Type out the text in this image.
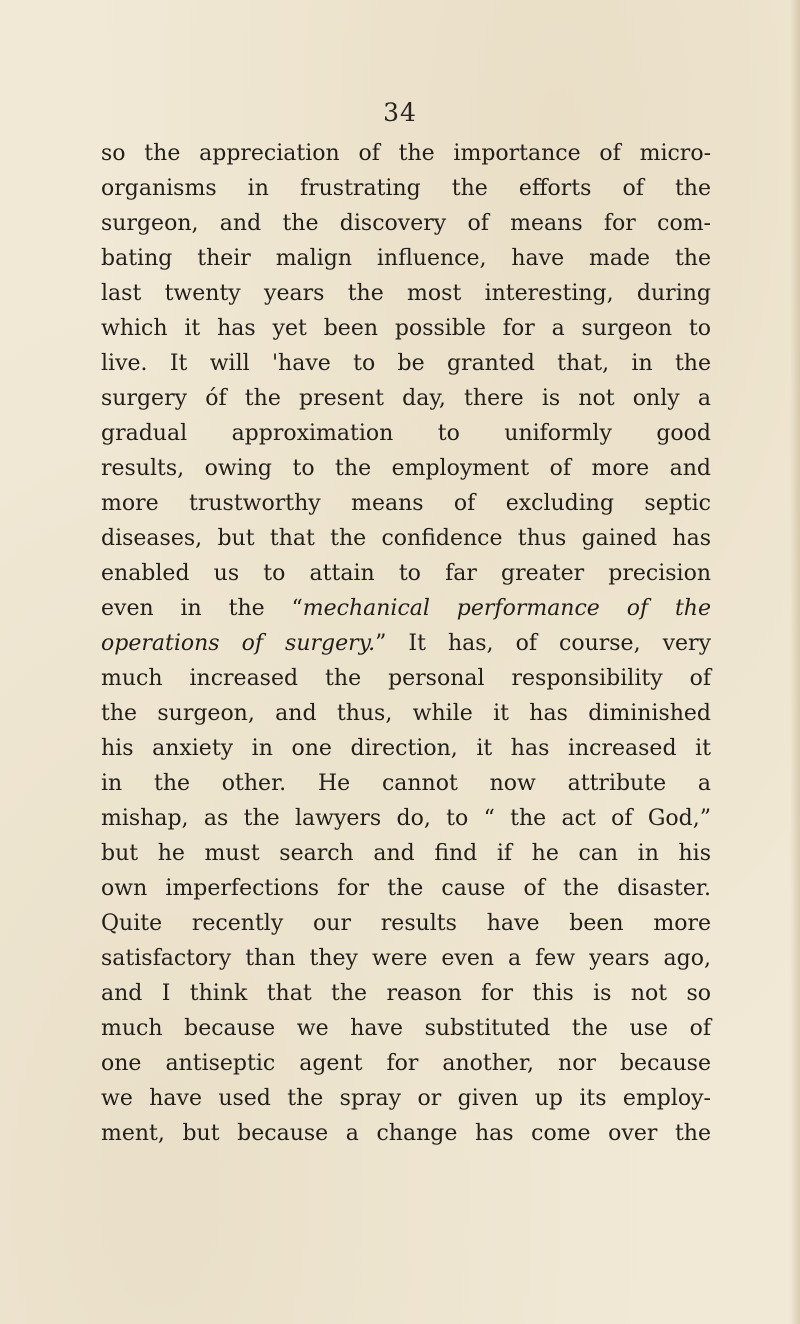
34
so the appreciation of the importance of micro-
organisms in frustrating the efforts of the
surgeon, and the discovery of means for com-
bating their malign influence, have made the
last twenty years the most interesting, during
which it has yet been possible for a surgeon to
live. It will 'have to be granted that, in the
surgery óf the present day, there is not only a
gradual approximation to uniformly good
results, owing to the employment of more and
more trustworthy means of excluding septic
diseases, but that the confidence thus gained has
enabled us to attain to far greater precision
even in the “mechanical performance of the
operations of surgery.” It has, of course, very
much increased the personal responsibility of
the surgeon, and thus, while it has diminished
his anxiety in one direction, it has increased it
in the other. He cannot now attribute a
mishap, as the lawyers do, to “ the act of God,”
but he must search and find if he can in his
own imperfections for the cause of the disaster.
Quite recently our results have been more
satisfactory than they were even a few years ago,
and I think that the reason for this is not so
much because we have substituted the use of
one antiseptic agent for another, nor because
we have used the spray or given up its employ-
ment, but because a change has come over the
